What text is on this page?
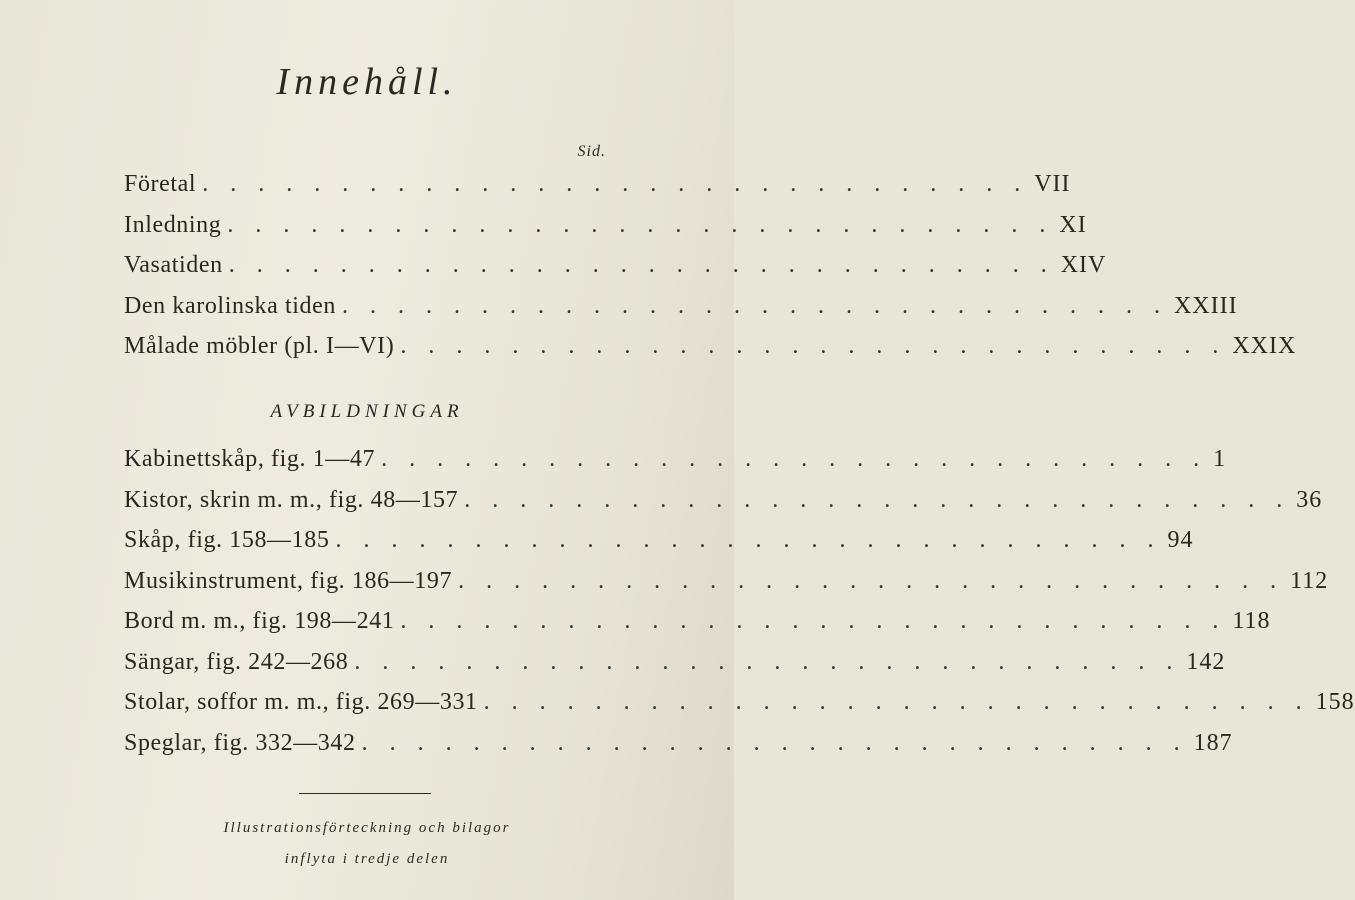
Innehåll.
Sid.
Företal . . . . . . . . . . . . . . . . . . . . . . . . . . . . . . VII
Inledning . . . . . . . . . . . . . . . . . . . . . . . . . . . . . . XI
Vasatiden . . . . . . . . . . . . . . . . . . . . . . . . . . . . . . XIV
Den karolinska tiden . . . . . . . . . . . . . . . . . . . . . . . . . . . . . . XXIII
Målade möbler (pl. I—VI) . . . . . . . . . . . . . . . . . . . . . . . . . . . . . . XXIX
AVBILDNINGAR
Kabinettskåp, fig. 1—47 . . . . . . . . . . . . . . . . . . . . . . . . . . . . . . 1
Kistor, skrin m. m., fig. 48—157 . . . . . . . . . . . . . . . . . . . . . . . . . . . . . . 36
Skåp, fig. 158—185 . . . . . . . . . . . . . . . . . . . . . . . . . . . . . . 94
Musikinstrument, fig. 186—197 . . . . . . . . . . . . . . . . . . . . . . . . . . . . . . 112
Bord m. m., fig. 198—241 . . . . . . . . . . . . . . . . . . . . . . . . . . . . . . 118
Sängar, fig. 242—268 . . . . . . . . . . . . . . . . . . . . . . . . . . . . . . 142
Stolar, soffor m. m., fig. 269—331 . . . . . . . . . . . . . . . . . . . . . . . . . . . . . . 158
Speglar, fig. 332—342 . . . . . . . . . . . . . . . . . . . . . . . . . . . . . . 187
Illustrationsförteckning och bilagor
inflyta i tredje delen
